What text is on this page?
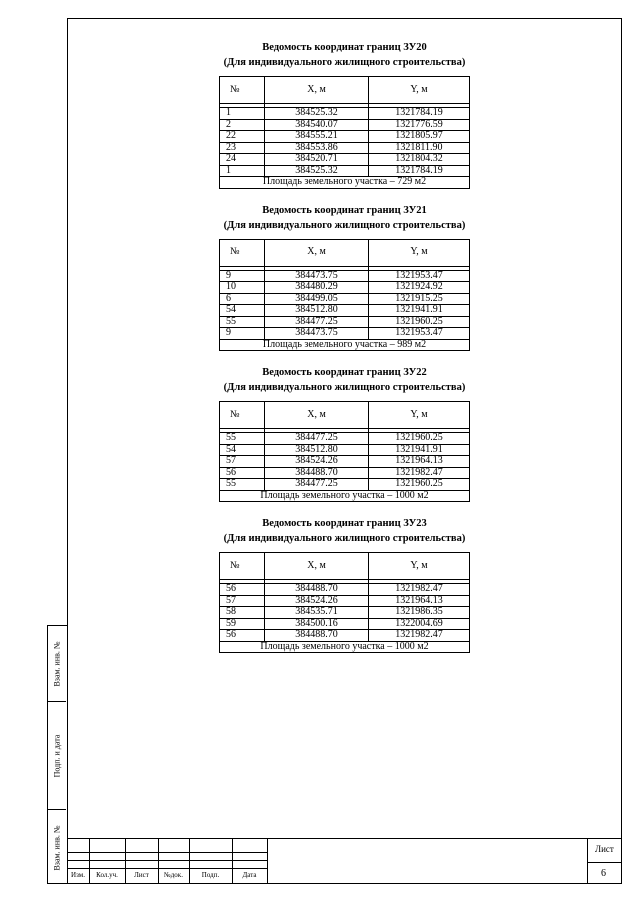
Взам. инв. №
Подп. и дата
Взам. инв. №
Ведомость координат границ ЗУ20
(Для индивидуального жилищного строительства)
№	X, м	Y, м

1	384525.32	1321784.19
2	384540.07	1321776.59
22	384555.21	1321805.97
23	384553.86	1321811.90
24	384520.71	1321804.32
1	384525.32	1321784.19
Площадь земельного участка – 729 м2		
Ведомость координат границ ЗУ21
(Для индивидуального жилищного строительства)
№	X, м	Y, м

9	384473.75	1321953.47
10	384480.29	1321924.92
6	384499.05	1321915.25
54	384512.80	1321941.91
55	384477.25	1321960.25
9	384473.75	1321953.47
Площадь земельного участка – 989 м2		
Ведомость координат границ ЗУ22
(Для индивидуального жилищного строительства)
№	X, м	Y, м

55	384477.25	1321960.25
54	384512.80	1321941.91
57	384524.26	1321964.13
56	384488.70	1321982.47
55	384477.25	1321960.25
Площадь земельного участка – 1000 м2		
Ведомость координат границ ЗУ23
(Для индивидуального жилищного строительства)
№	X, м	Y, м

56	384488.70	1321982.47
57	384524.26	1321964.13
58	384535.71	1321986.35
59	384500.16	1322004.69
56	384488.70	1321982.47
Площадь земельного участка – 1000 м2		
Изм.	Кол.уч.	Лист	№док.	Подп.	Дата
Лист
6
